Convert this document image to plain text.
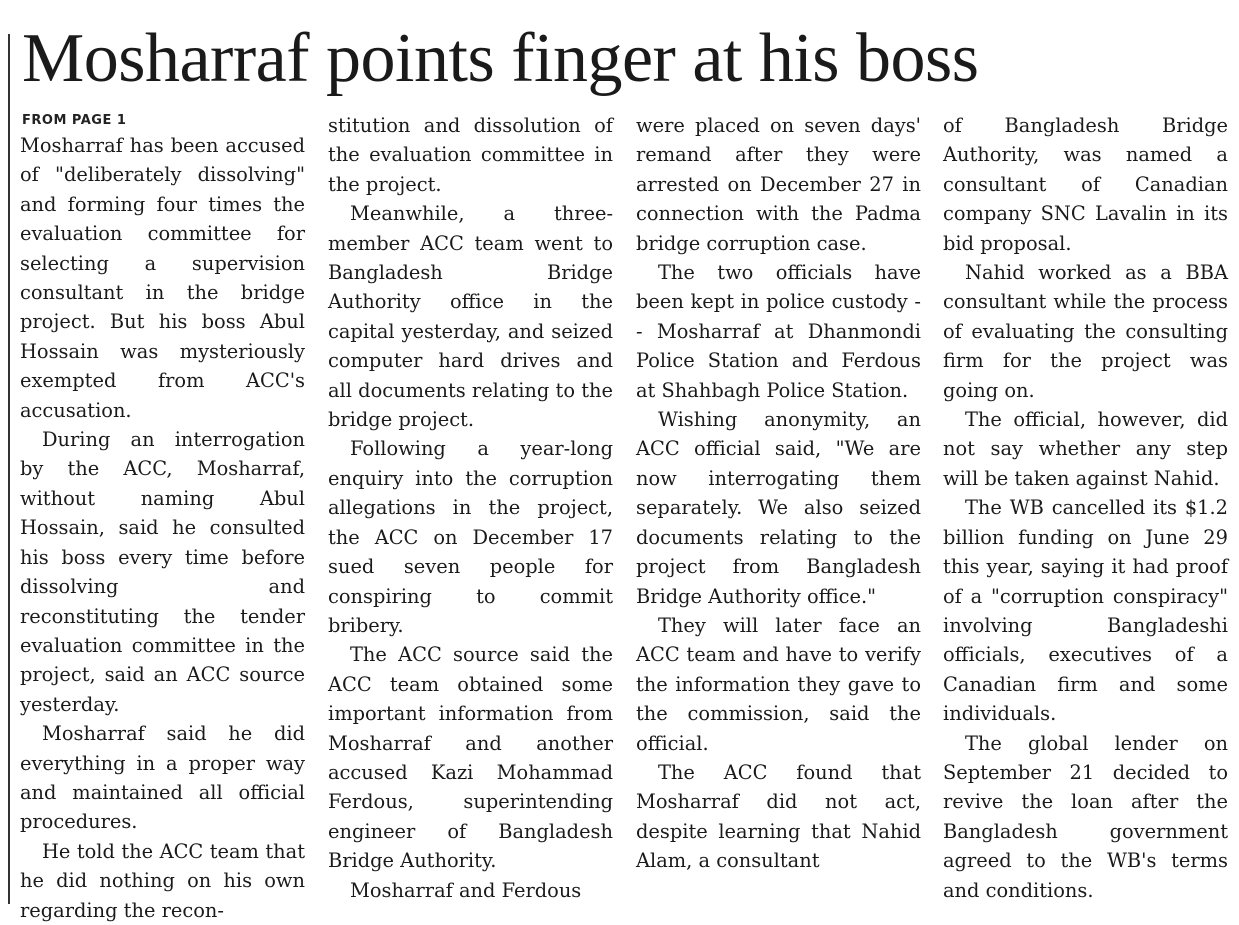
Mosharraf points finger at his boss
FROM PAGE 1

Mosharraf has been accused of "deliberately dissolving" and forming four times the evaluation committee for selecting a supervision consultant in the bridge project. But his boss Abul Hossain was mysteriously exempted from ACC's accusation.

During an interrogation by the ACC, Mosharraf, without naming Abul Hossain, said he consulted his boss every time before dissolving and reconstituting the tender evaluation committee in the project, said an ACC source yesterday.

Mosharraf said he did everything in a proper way and maintained all official procedures.

He told the ACC team that he did nothing on his own regarding the recon-

stitution and dissolution of the evaluation committee in the project.

Meanwhile, a three-member ACC team went to Bangladesh Bridge Authority office in the capital yesterday, and seized computer hard drives and all documents relating to the bridge project.

Following a year-long enquiry into the corruption allegations in the project, the ACC on December 17 sued seven people for conspiring to commit bribery.

The ACC source said the ACC team obtained some important information from Mosharraf and another accused Kazi Mohammad Ferdous, superintending engineer of Bangladesh Bridge Authority.

Mosharraf and Ferdous

were placed on seven days' remand after they were arrested on December 27 in connection with the Padma bridge corruption case.

The two officials have been kept in police custody -- Mosharraf at Dhanmondi Police Station and Ferdous at Shahbagh Police Station.

Wishing anonymity, an ACC official said, "We are now interrogating them separately. We also seized documents relating to the project from Bangladesh Bridge Authority office."

They will later face an ACC team and have to verify the information they gave to the commission, said the official.

The ACC found that Mosharraf did not act, despite learning that Nahid Alam, a consultant

of Bangladesh Bridge Authority, was named a consultant of Canadian company SNC Lavalin in its bid proposal.

Nahid worked as a BBA consultant while the process of evaluating the consulting firm for the project was going on.

The official, however, did not say whether any step will be taken against Nahid.

The WB cancelled its $1.2 billion funding on June 29 this year, saying it had proof of a "corruption conspiracy" involving Bangladeshi officials, executives of a Canadian firm and some individuals.

The global lender on September 21 decided to revive the loan after the Bangladesh government agreed to the WB's terms and conditions.
